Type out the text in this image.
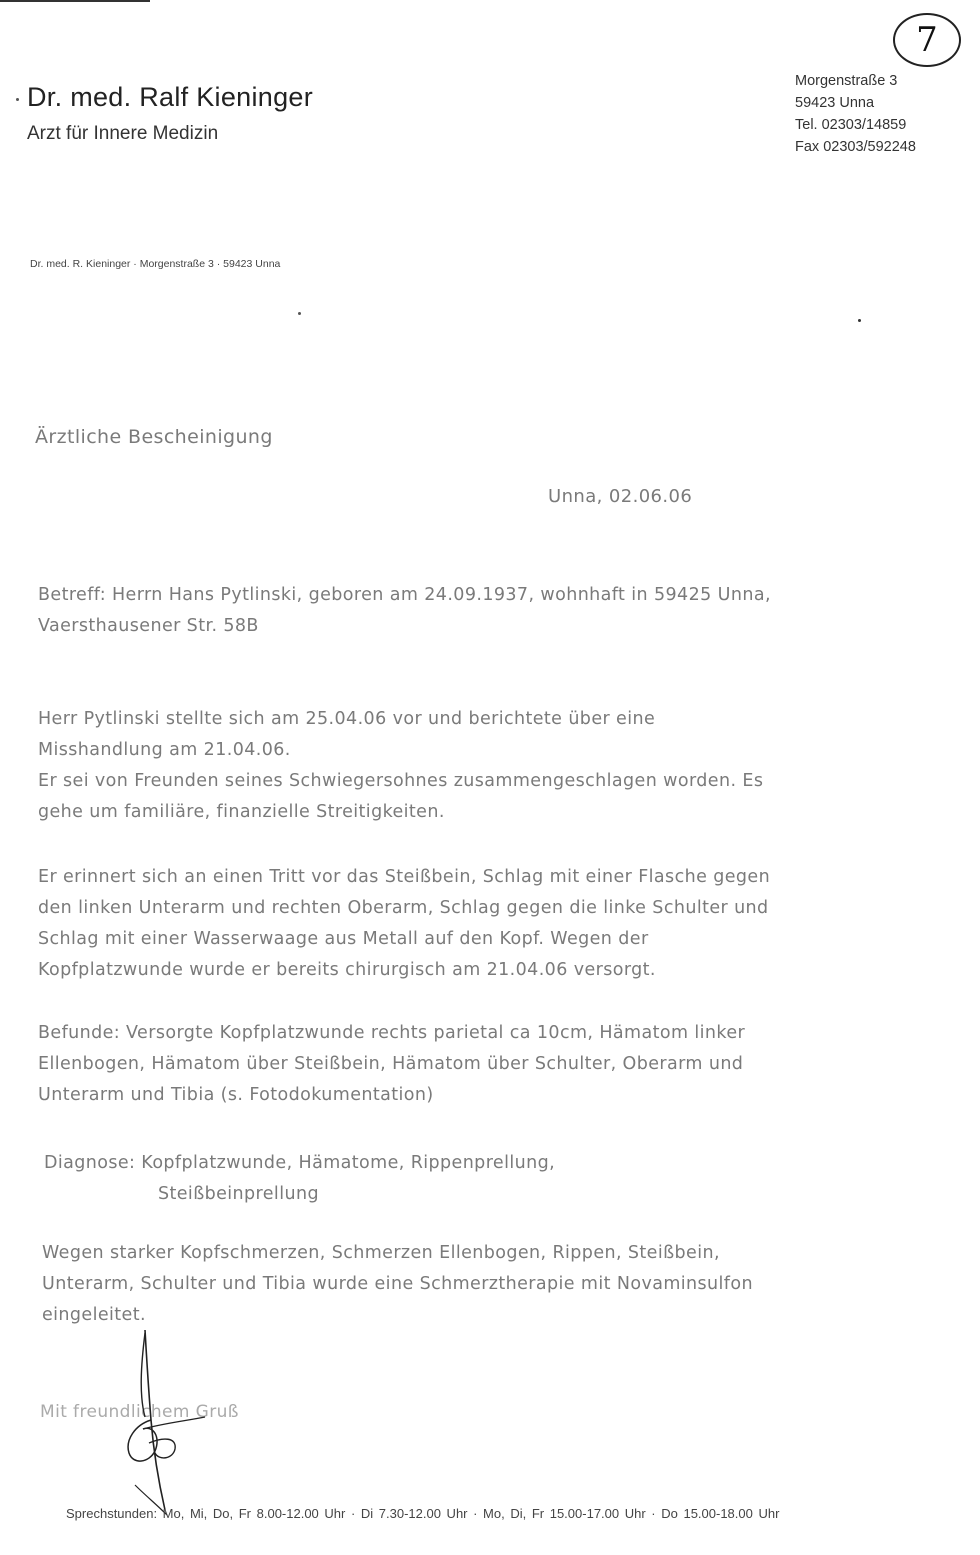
7
Dr. med. Ralf Kieninger
Arzt für Innere Medizin
Morgenstraße 3
59423 Unna
Tel. 02303/14859
Fax 02303/592248
Dr. med. R. Kieninger · Morgenstraße 3 · 59423 Unna
Ärztliche Bescheinigung
Unna, 02.06.06
Betreff: Herrn Hans Pytlinski, geboren am 24.09.1937, wohnhaft in 59425 Unna,
Vaersthausener Str. 58B
Herr Pytlinski stellte sich am 25.04.06 vor und berichtete über eine
Misshandlung am 21.04.06.
Er sei von Freunden seines Schwiegersohnes zusammengeschlagen worden. Es
gehe um familiäre, finanzielle Streitigkeiten.
Er erinnert sich an einen Tritt vor das Steißbein, Schlag mit einer Flasche gegen
den linken Unterarm und rechten Oberarm, Schlag gegen die linke Schulter und
Schlag mit einer Wasserwaage aus Metall auf den Kopf. Wegen der
Kopfplatzwunde wurde er bereits chirurgisch am 21.04.06 versorgt.
Befunde: Versorgte Kopfplatzwunde rechts parietal ca 10cm, Hämatom linker
Ellenbogen, Hämatom über Steißbein, Hämatom über Schulter, Oberarm und
Unterarm und Tibia (s. Fotodokumentation)
Diagnose: Kopfplatzwunde, Hämatome, Rippenprellung,
Steißbeinprellung
Wegen starker Kopfschmerzen, Schmerzen Ellenbogen, Rippen, Steißbein,
Unterarm, Schulter und Tibia wurde eine Schmerztherapie mit Novaminsulfon
eingeleitet.
Mit freundlichem Gruß
Sprechstunden: Mo, Mi, Do, Fr 8.00-12.00 Uhr · Di 7.30-12.00 Uhr · Mo, Di, Fr 15.00-17.00 Uhr · Do 15.00-18.00 Uhr
